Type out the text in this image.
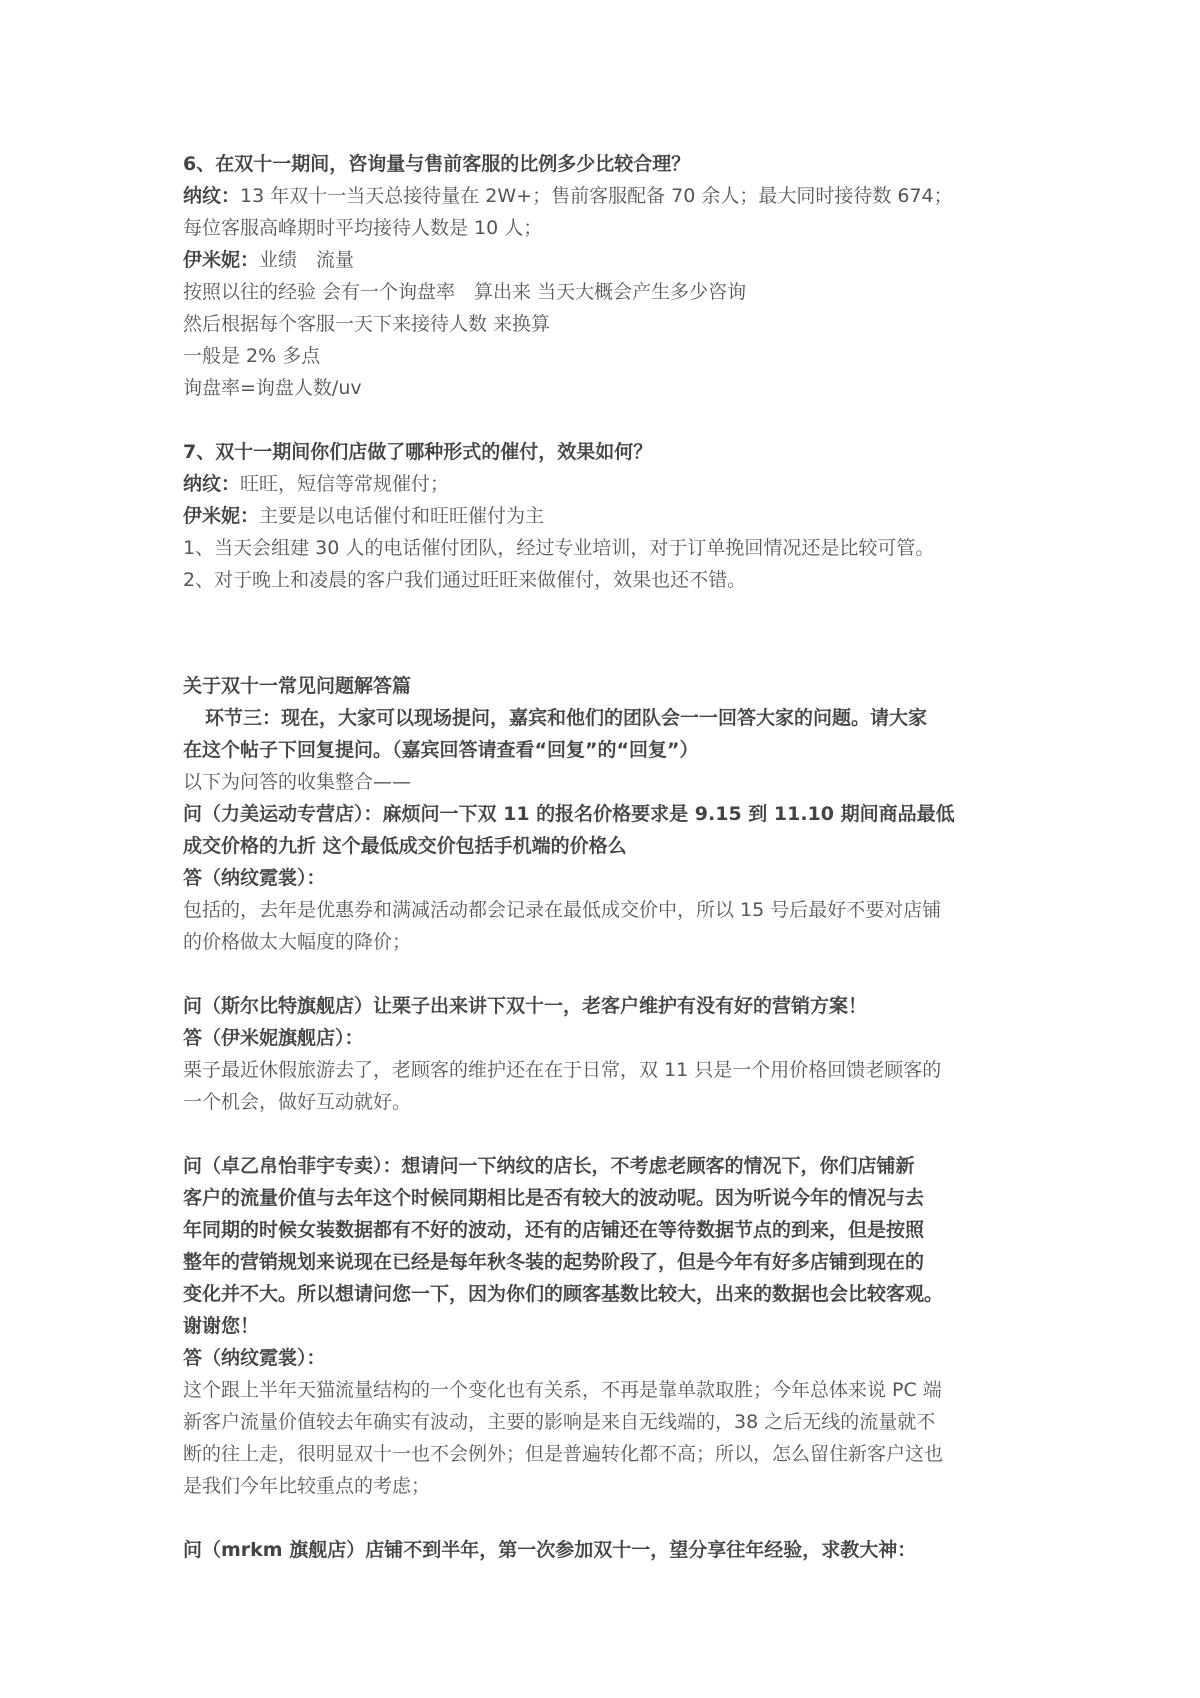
6、在双十一期间，咨询量与售前客服的比例多少比较合理？
纳纹：13 年双十一当天总接待量在 2W+；售前客服配备 70 余人；最大同时接待数 674；
每位客服高峰期时平均接待人数是 10 人；
伊米妮：业绩　流量
按照以往的经验 会有一个询盘率　算出来 当天大概会产生多少咨询
然后根据每个客服一天下来接待人数 来换算
一般是 2% 多点
询盘率=询盘人数/uv
7、双十一期间你们店做了哪种形式的催付，效果如何？
纳纹：旺旺，短信等常规催付；
伊米妮：主要是以电话催付和旺旺催付为主
1、当天会组建 30 人的电话催付团队，经过专业培训，对于订单挽回情况还是比较可管。
2、对于晚上和凌晨的客户我们通过旺旺来做催付，效果也还不错。
关于双十一常见问题解答篇
环节三：现在，大家可以现场提问，嘉宾和他们的团队会一一回答大家的问题。请大家
在这个帖子下回复提问。（嘉宾回答请查看“回复”的“回复”）
以下为问答的收集整合——
问（力美运动专营店）：麻烦问一下双 11 的报名价格要求是 9.15 到 11.10 期间商品最低
成交价格的九折 这个最低成交价包括手机端的价格么
答（纳纹霓裳）：
包括的，去年是优惠券和满减活动都会记录在最低成交价中，所以 15 号后最好不要对店铺
的价格做太大幅度的降价；
问（斯尔比特旗舰店）让栗子出来讲下双十一，老客户维护有没有好的营销方案！
答（伊米妮旗舰店）：
栗子最近休假旅游去了，老顾客的维护还在在于日常，双 11 只是一个用价格回馈老顾客的
一个机会，做好互动就好。
问（卓乙帛怡菲宇专卖）：想请问一下纳纹的店长，不考虑老顾客的情况下，你们店铺新
客户的流量价值与去年这个时候同期相比是否有较大的波动呢。因为听说今年的情况与去
年同期的时候女装数据都有不好的波动，还有的店铺还在等待数据节点的到来，但是按照
整年的营销规划来说现在已经是每年秋冬装的起势阶段了，但是今年有好多店铺到现在的
变化并不大。所以想请问您一下，因为你们的顾客基数比较大，出来的数据也会比较客观。
谢谢您！
答（纳纹霓裳）：
这个跟上半年天猫流量结构的一个变化也有关系，不再是靠单款取胜；今年总体来说 PC 端
新客户流量价值较去年确实有波动，主要的影响是来自无线端的，38 之后无线的流量就不
断的往上走，很明显双十一也不会例外；但是普遍转化都不高；所以，怎么留住新客户这也
是我们今年比较重点的考虑；
问（mrkm 旗舰店）店铺不到半年，第一次参加双十一，望分享往年经验，求教大神：
